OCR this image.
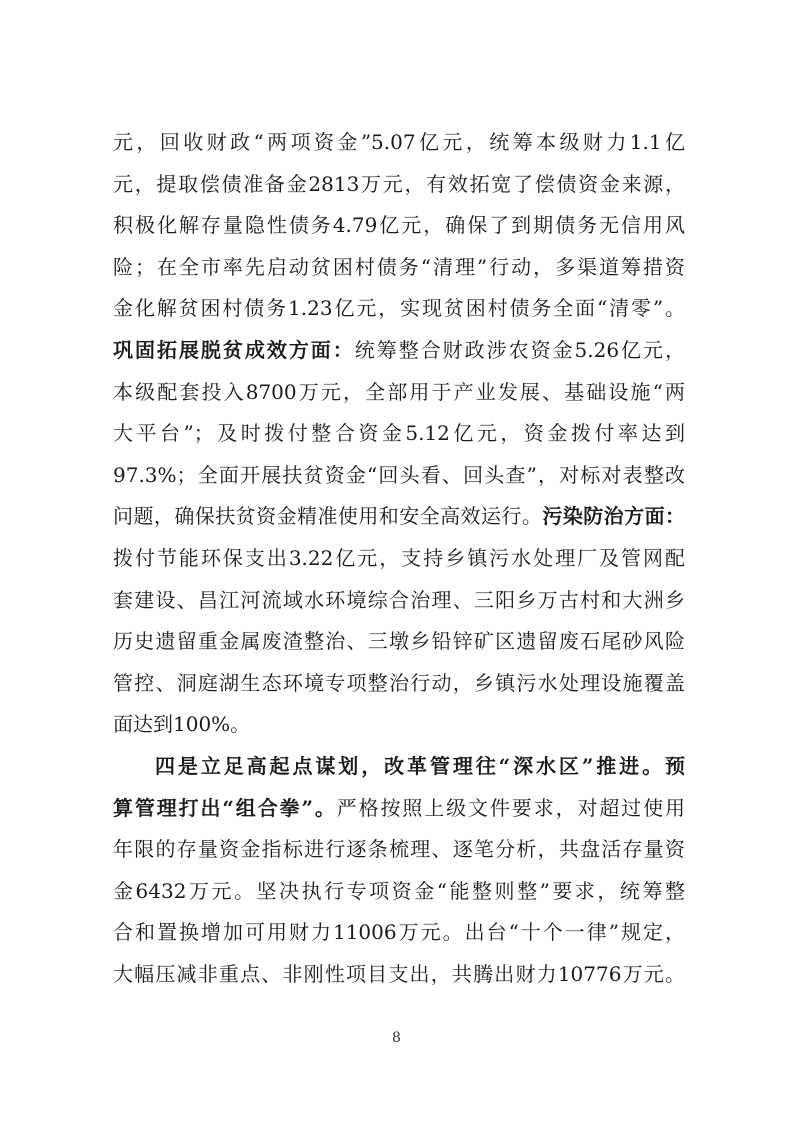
元，回收财政“两项资金”5.07亿元，统筹本级财力1.1亿
元，提取偿债准备金2813万元，有效拓宽了偿债资金来源，
积极化解存量隐性债务4.79亿元，确保了到期债务无信用风
险；在全市率先启动贫困村债务“清理”行动，多渠道筹措资
金化解贫困村债务1.23亿元，实现贫困村债务全面“清零”。
巩固拓展脱贫成效方面：统筹整合财政涉农资金5.26亿元，
本级配套投入8700万元，全部用于产业发展、基础设施“两
大平台”；及时拨付整合资金5.12亿元，资金拨付率达到
97.3%；全面开展扶贫资金“回头看、回头查”，对标对表整改
问题，确保扶贫资金精准使用和安全高效运行。污染防治方面：
拨付节能环保支出3.22亿元，支持乡镇污水处理厂及管网配
套建设、昌江河流域水环境综合治理、三阳乡万古村和大洲乡
历史遗留重金属废渣整治、三墩乡铅锌矿区遗留废石尾砂风险
管控、洞庭湖生态环境专项整治行动，乡镇污水处理设施覆盖
面达到100%。
四是立足高起点谋划，改革管理往“深水区”推进。预
算管理打出“组合拳”。严格按照上级文件要求，对超过使用
年限的存量资金指标进行逐条梳理、逐笔分析，共盘活存量资
金6432万元。坚决执行专项资金“能整则整”要求，统筹整
合和置换增加可用财力11006万元。出台“十个一律”规定，
大幅压减非重点、非刚性项目支出，共腾出财力10776万元。
8
